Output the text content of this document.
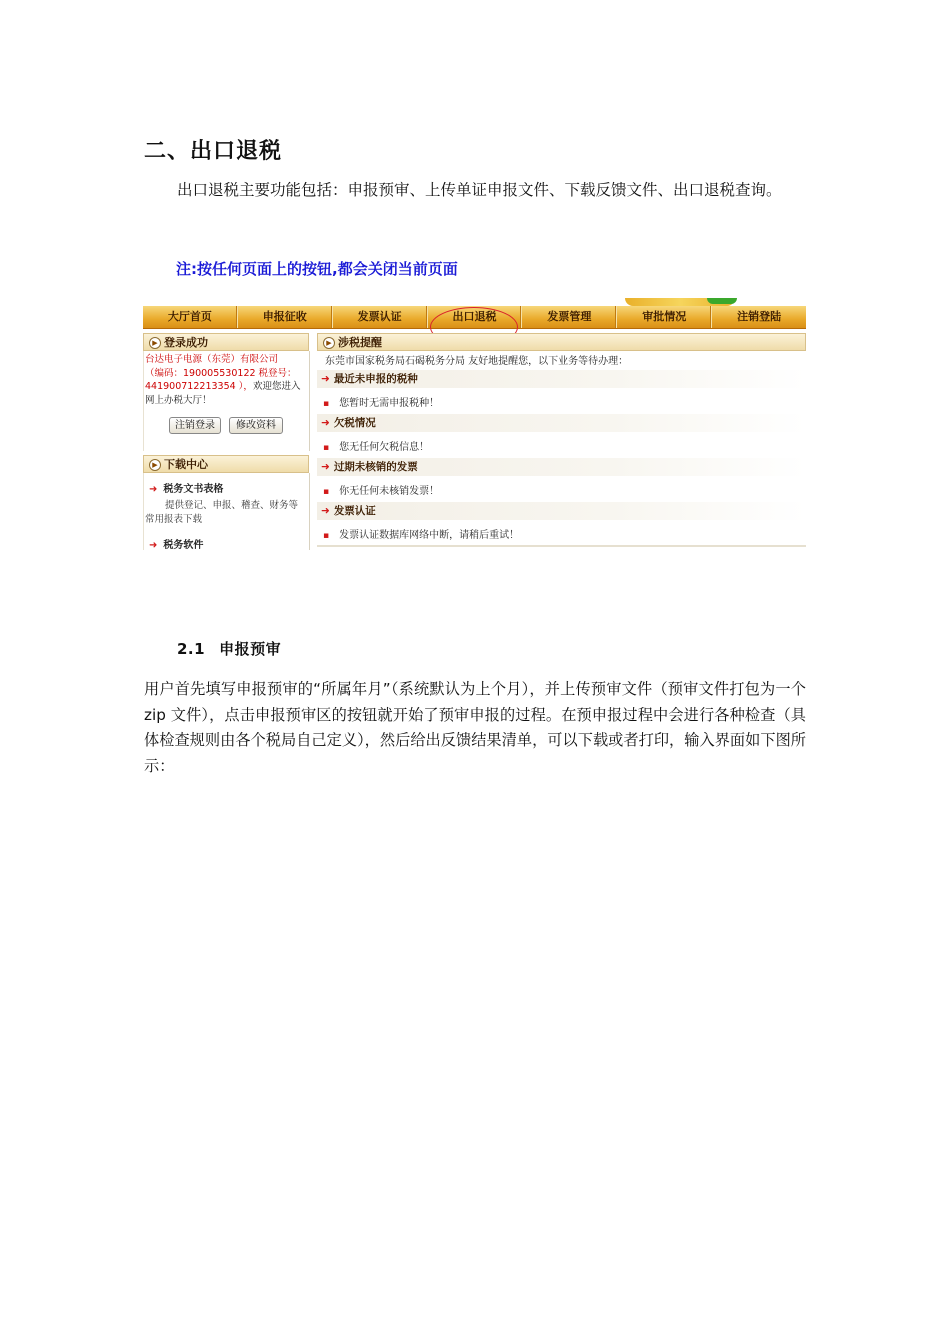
二、出口退税
出口退税主要功能包括：申报预审、上传单证申报文件、下载反馈文件、出口退税查询。
注:按任何页面上的按钮,都会关闭当前页面
大厅首页	申报征收	发票认证	出口退税	发票管理	审批情况	注销登陆
▶ 登录成功
台达电子电源（东莞）有限公司
（编码：190005530122 税登号：
441900712213354 ），欢迎您进入网上办税大厅！
注销登录	修改资料
▶ 下载中心
➜ 税务文书表格
提供登记、申报、稽查、财务等常用报表下载
➜ 税务软件
▶ 涉税提醒
东莞市国家税务局石碣税务分局 友好地提醒您，以下业务等待办理：
➜ 最近未申报的税种
▪ 您暂时无需申报税种！
➜ 欠税情况
▪ 您无任何欠税信息！
➜ 过期未核销的发票
▪ 你无任何未核销发票！
➜ 发票认证
▪ 发票认证数据库网络中断，请稍后重试！
2.1 申报预审
用户首先填写申报预审的“所属年月”（系统默认为上个月），并上传预审文件（预审文件打包为一个 zip 文件），点击申报预审区的按钮就开始了预审申报的过程。在预申报过程中会进行各种检查（具体检查规则由各个税局自己定义），然后给出反馈结果清单，可以下载或者打印，输入界面如下图所示：
